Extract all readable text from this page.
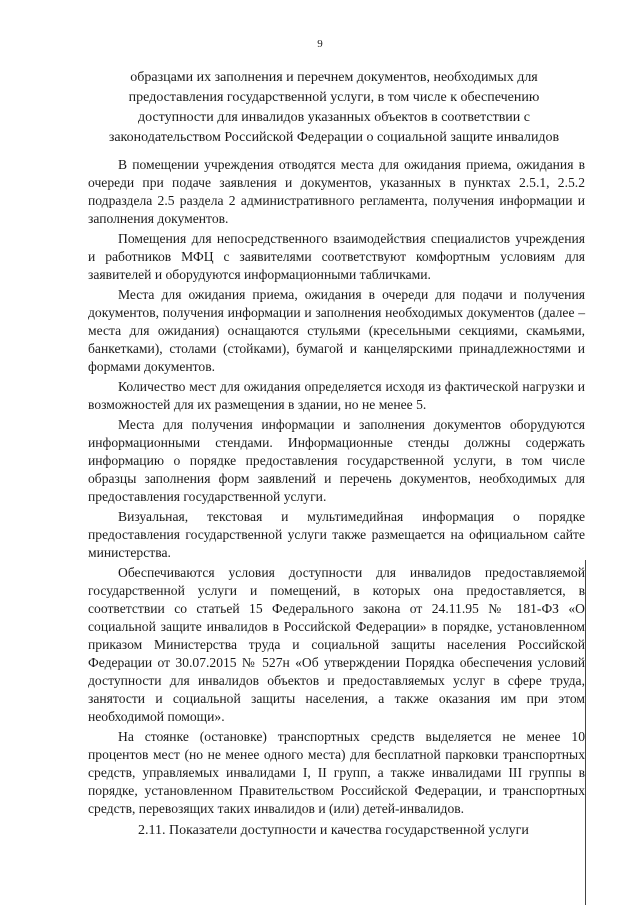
9
образцами их заполнения и перечнем документов, необходимых для
предоставления государственной услуги, в том числе к обеспечению
доступности для инвалидов указанных объектов в соответствии с
законодательством Российской Федерации о социальной защите инвалидов

В помещении учреждения отводятся места для ожидания приема, ожидания в очереди при подаче заявления и документов, указанных в пунктах 2.5.1, 2.5.2 подраздела 2.5 раздела 2 административного регламента, получения информации и заполнения документов.

Помещения для непосредственного взаимодействия специалистов учреждения и работников МФЦ с заявителями соответствуют комфортным условиям для заявителей и оборудуются информационными табличками.

Места для ожидания приема, ожидания в очереди для подачи и получения документов, получения информации и заполнения необходимых документов (далее – места для ожидания) оснащаются стульями (кресельными секциями, скамьями, банкетками), столами (стойками), бумагой и канцелярскими принадлежностями и формами документов.

Количество мест для ожидания определяется исходя из фактической нагрузки и возможностей для их размещения в здании, но не менее 5.

Места для получения информации и заполнения документов оборудуются информационными стендами. Информационные стенды должны содержать информацию о порядке предоставления государственной услуги, в том числе образцы заполнения форм заявлений и перечень документов, необходимых для предоставления государственной услуги.

Визуальная, текстовая и мультимедийная информация о порядке предоставления государственной услуги также размещается на официальном сайте министерства.

Обеспечиваются условия доступности для инвалидов предоставляемой государственной услуги и помещений, в которых она предоставляется, в соответствии со статьей 15 Федерального закона от 24.11.95 № 181-ФЗ «О социальной защите инвалидов в Российской Федерации» в порядке, установленном приказом Министерства труда и социальной защиты населения Российской Федерации от 30.07.2015 № 527н «Об утверждении Порядка обеспечения условий доступности для инвалидов объектов и предоставляемых услуг в сфере труда, занятости и социальной защиты населения, а также оказания им при этом необходимой помощи».

На стоянке (остановке) транспортных средств выделяется не менее 10 процентов мест (но не менее одного места) для бесплатной парковки транспортных средств, управляемых инвалидами I, II групп, а также инвалидами III группы в порядке, установленном Правительством Российской Федерации, и транспортных средств, перевозящих таких инвалидов и (или) детей-инвалидов.

2.11. Показатели доступности и качества государственной услуги
